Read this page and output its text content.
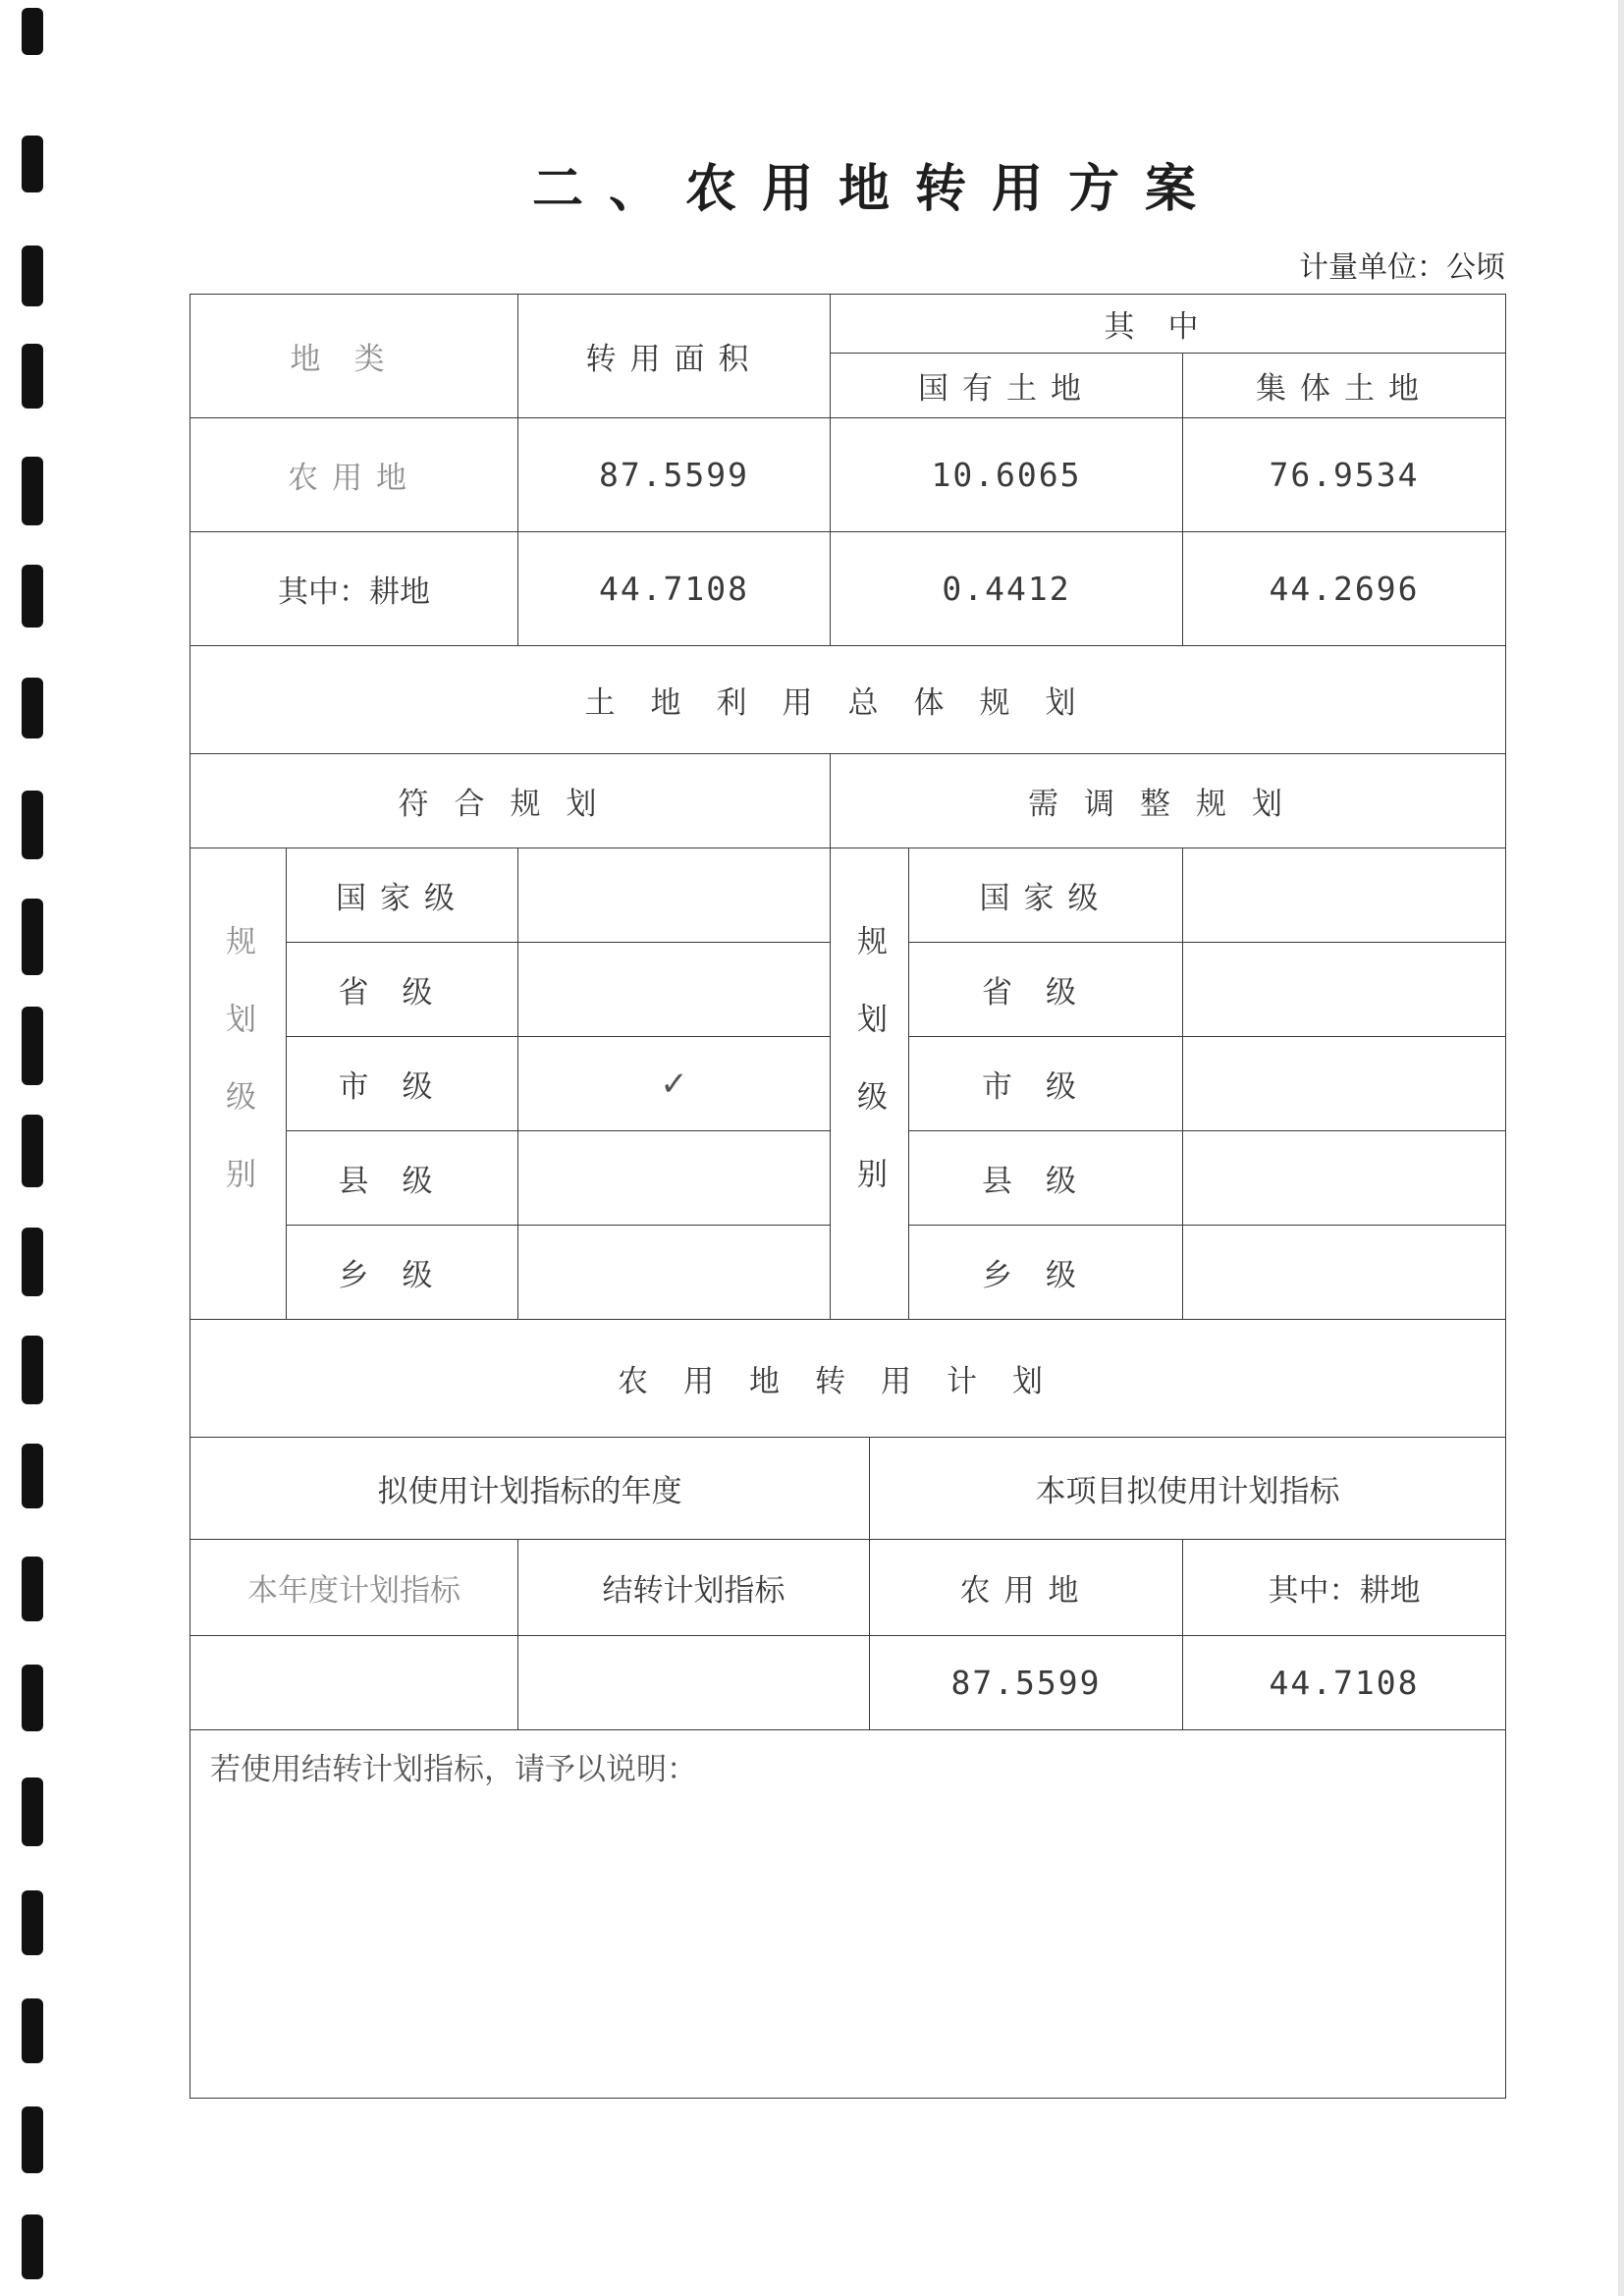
二、农用地转用方案
计量单位：公顷
地类	转用面积	其中	
		国有土地	集体土地
农用地	87.5599	10.6065	76.9534
其中：耕地	44.7108	0.4412	44.2696
土地利用总体规划					
符合规划			需调整规划		
规划级别	国家级		规划级别	国家级	
	省级			省级	
	市级	✓		市级	
	县级			县级	
	乡级			乡级	
农用地转用计划			
拟使用计划指标的年度		本项目拟使用计划指标	
本年度计划指标	结转计划指标	农用地	其中：耕地
		87.5599	44.7108
若使用结转计划指标，请予以说明：			
